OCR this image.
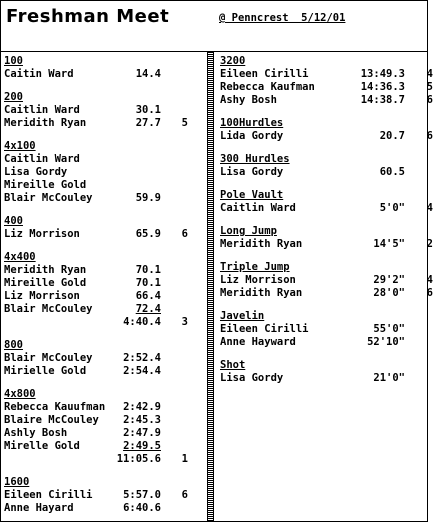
Freshman Meet	@ Penncrest  5/12/01
100
Caitin Ward	14.4
200
Caitlin Ward	30.1
Meridith Ryan	27.7	5
4x100
Caitlin Ward
Lisa Gordy
Mireille Gold
Blair McCouley	59.9
400
Liz Morrison	65.9	6
4x400
Meridith Ryan	70.1
Mireille Gold	70.1
Liz Morrison	66.4
Blair McCouley	72.4
4:40.4	3
800
Blair McCouley	2:52.4
Mirielle Gold	2:54.4
4x800
Rebecca Kauufman 2:42.9
Blaire McCouley 2:45.3
Ashly Bosh	2:47.9
Mirelle Gold	2:49.5
11:05.6	1
1600
Eileen Cirilli	5:57.0	6
Anne Hayard	6:40.6
3200
Eileen Cirilli	13:49.3	4
Rebecca Kaufman	14:36.3	5
Ashy Bosh	14:38.7	6
100Hurdles
Lida Gordy	20.7	6
300 Hurdles
Lisa Gordy	60.5
Pole Vault
Caitlin Ward	5'0"	4
Long Jump
Meridith Ryan	14'5"	2
Triple Jump
Liz Morrison	29'2"	4
Meridith Ryan	28'0"	6
Javelin
Eileen Cirilli	55'0"
Anne Hayward	52'10"
Shot
Lisa Gordy	21'0"
